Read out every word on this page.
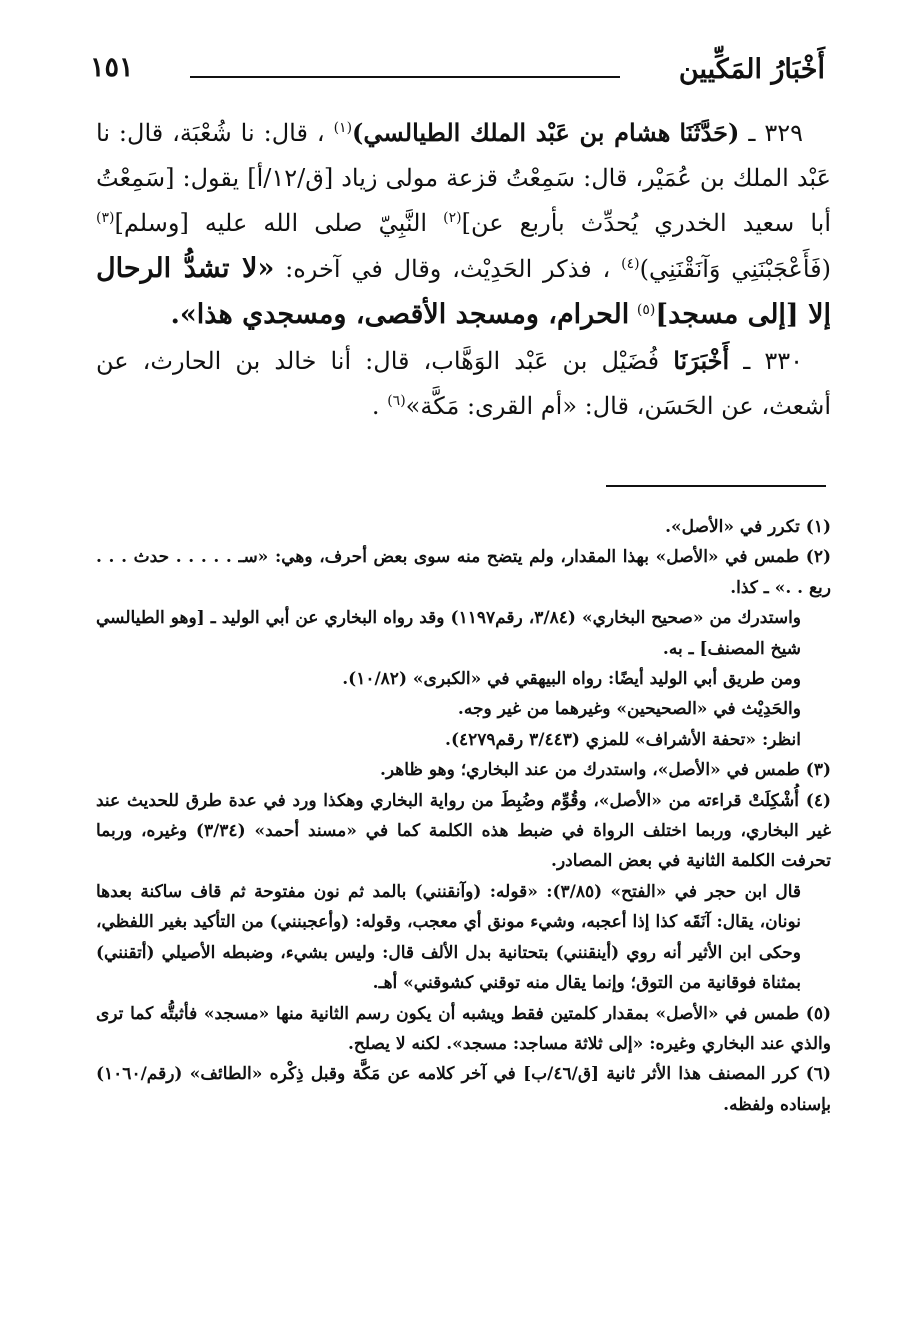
أَخْبَارُ المَكِّيين
١٥١

٣٢٩ ـ (حَدَّثَنَا هشام بن عَبْد الملك الطيالسي)$^{(١)}$ ، قال: نا شُعْبَة، قال: نا عَبْد الملك بن عُمَيْر، قال: سَمِعْتُ قزعة مولى زياد [ق/١٢/أ] يقول: [سَمِعْتُ أبا سعيد الخدري يُحدِّث بأربع عن]$^{(٢)}$ النَّبِيّ صلى الله عليه [وسلم]$^{(٣)}$ (فَأَعْجَبْنَنِي وَآنَقْنَنِي)$^{(٤)}$ ، فذكر الحَدِيْث، وقال في آخره: «لا تشدُّ الرحال إلا [إلى مسجد]$^{(٥)}$ الحرام، ومسجد الأقصى، ومسجدي هذا».

٣٣٠ ـ أَخْبَرَنَا فُضَيْل بن عَبْد الوَهَّاب، قال: أنا خالد بن الحارث، عن أشعث، عن الحَسَن، قال: «أم القرى: مَكَّة»$^{(٦)}$ .

(١) تكرر في «الأصل».

(٢) طمس في «الأصل» بهذا المقدار، ولم يتضح منه سوى بعض أحرف، وهي: «سـ . . . . . حدث . . . ربع . .» ـ كذا.

واستدرك من «صحيح البخاري» (٣/٨٤، رقم١١٩٧) وقد رواه البخاري عن أبي الوليد ـ [وهو الطيالسي شيخ المصنف] ـ به.

ومن طريق أبي الوليد أيضًا: رواه البيهقي في «الكبرى» (١٠/٨٢).

والحَدِيْث في «الصحيحين» وغيرهما من غير وجه.

انظر: «تحفة الأشراف» للمزي (٣/٤٤٣ رقم٤٢٧٩).

(٣) طمس في «الأصل»، واستدرك من عند البخاري؛ وهو ظاهر.

(٤) أُشْكِلَتْ قراءته من «الأصل»، وقُوِّم وضُبِطَ من رواية البخاري وهكذا ورد في عدة طرق للحديث عند غير البخاري، وربما اختلف الرواة في ضبط هذه الكلمة كما في «مسند أحمد» (٣/٣٤) وغيره، وربما تحرفت الكلمة الثانية في بعض المصادر.

قال ابن حجر في «الفتح» (٣/٨٥): «قوله: (وآنقنني) بالمد ثم نون مفتوحة ثم قاف ساكنة بعدها نونان، يقال: آنَقَه كذا إذا أعجبه، وشيء مونق أي معجب، وقوله: (وأعجبنني) من التأكيد بغير اللفظي، وحكى ابن الأثير أنه روي (أينقنني) بتحتانية بدل الألف قال: وليس بشيء، وضبطه الأصيلي (أتقنني) بمثناة فوقانية من التوق؛ وإنما يقال منه توقني كشوقني» أهـ.

(٥) طمس في «الأصل» بمقدار كلمتين فقط ويشبه أن يكون رسم الثانية منها «مسجد» فأثبتُّه كما ترى والذي عند البخاري وغيره: «إلى ثلاثة مساجد: مسجد». لكنه لا يصلح.

(٦) كرر المصنف هذا الأثر ثانية [ق/٤٦/ب] في آخر كلامه عن مَكَّة وقبل ذِكْره «الطائف» (رقم/١٠٦٠) بإسناده ولفظه.
